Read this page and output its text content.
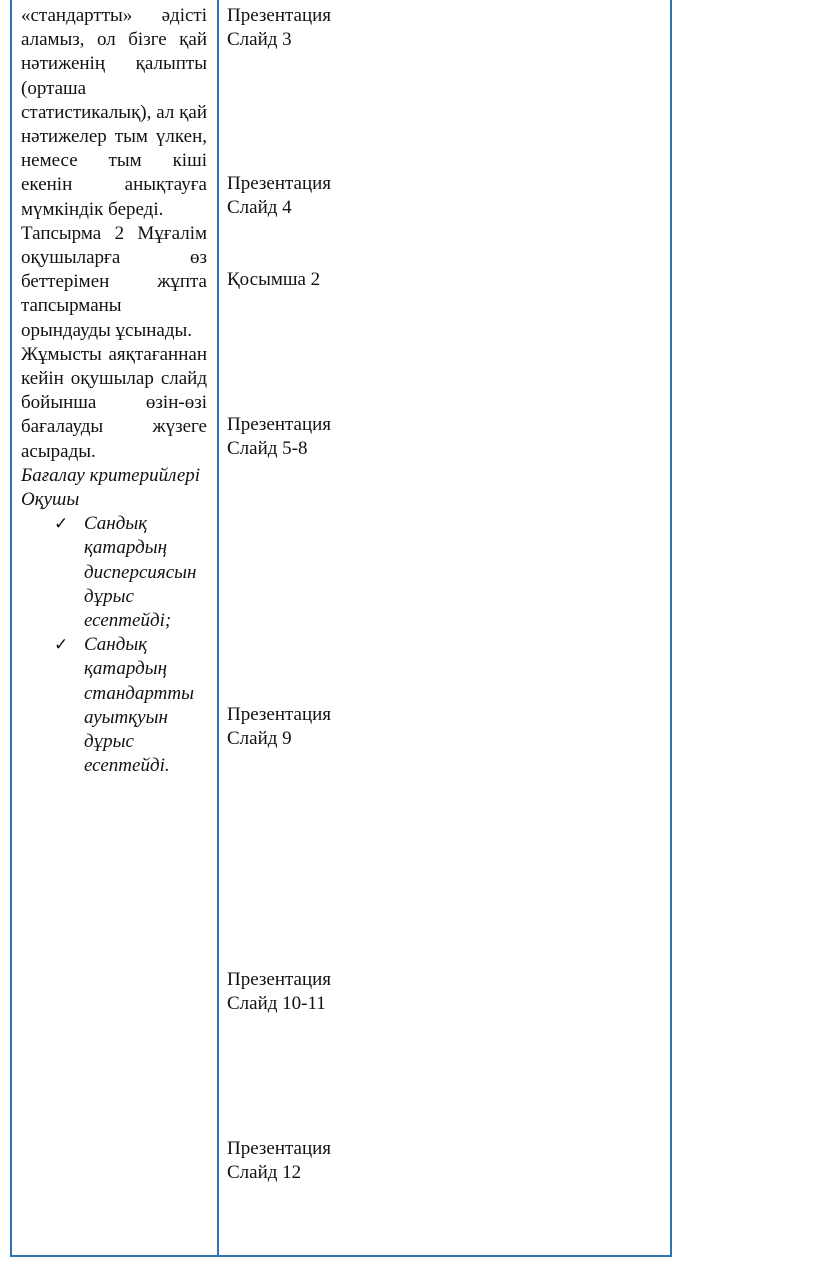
«стандартты» әдісті аламыз, ол бізге қай нәтиженің қалыпты (орташа статистикалық), ал қай нәтижелер тым үлкен, немесе тым кіші екенін анықтауға мүмкіндік береді.

Тапсырма 2 Мұғалім оқушыларға өз беттерімен жұпта тапсырманы орындауды ұсынады.

Жұмысты аяқтағаннан кейін оқушылар слайд бойынша өзін-өзі бағалауды жүзеге асырады.

Бағалау критерийлері

Оқушы

✓ Сандық қатардың дисперсиясын дұрыс есептейді;
✓ Сандық қатардың стандартты ауытқуын дұрыс есептейді.
Презентация
Слайд 3
Презентация
Слайд 4
Қосымша 2
Презентация
Слайд 5-8
Презентация
Слайд 9
Презентация
Слайд 10-11
Презентация
Слайд 12
